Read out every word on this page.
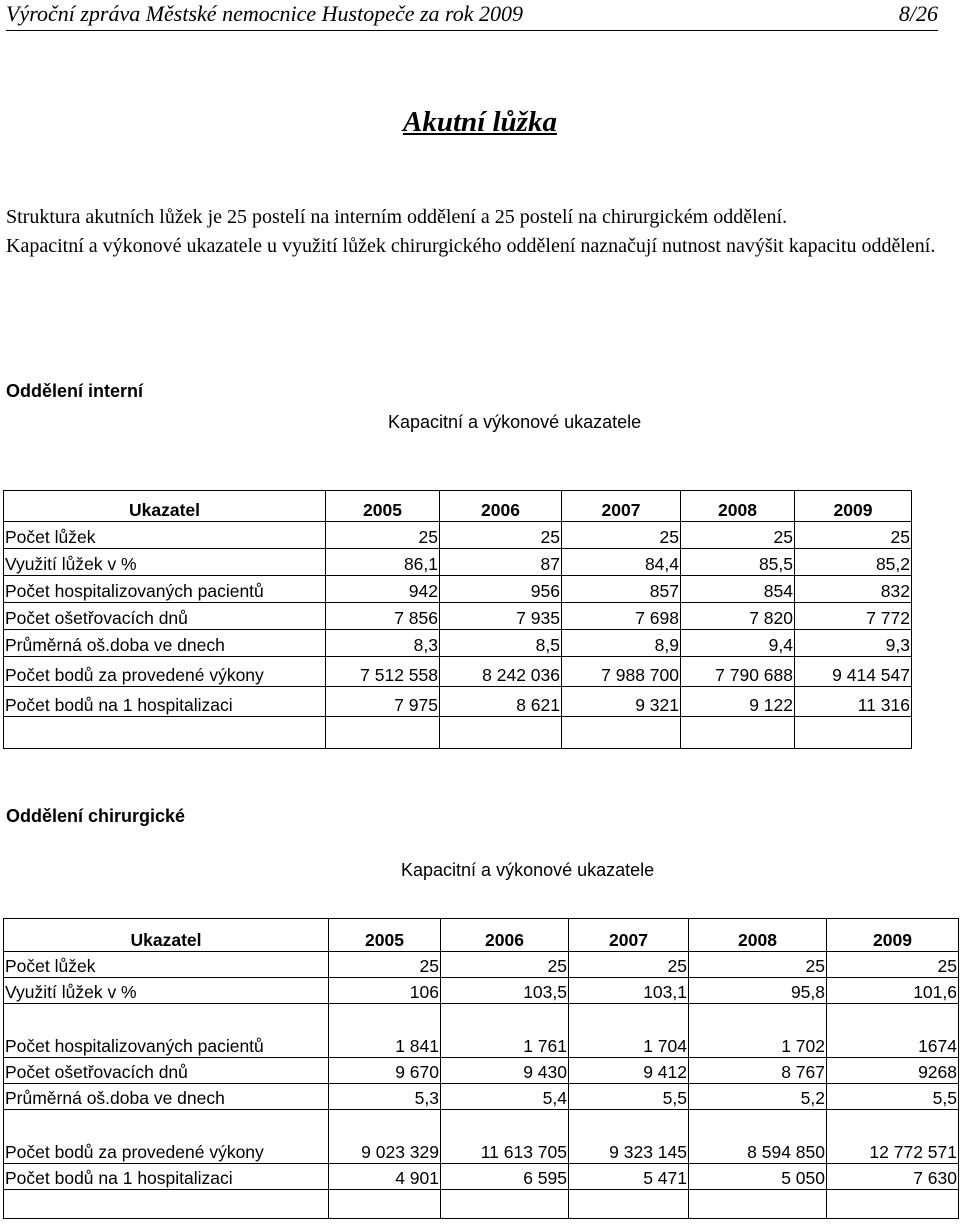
Výroční zpráva Městské nemocnice Hustopeče za rok 2009	8/26
Akutní lůžka

Struktura akutních lůžek je 25 postelí na interním oddělení a 25 postelí na chirurgickém oddělení.

Kapacitní a výkonové ukazatele u využití lůžek chirurgického oddělení naznačují nutnost navýšit kapacitu oddělení.

Oddělení interní
Kapacitní a výkonové ukazatele
Ukazatel	2005	2006	2007	2008	2009
Počet lůžek	25	25	25	25	25
Využití lůžek v %	86,1	87	84,4	85,5	85,2
Počet hospitalizovaných pacientů	942	956	857	854	832
Počet ošetřovacích dnů	7 856	7 935	7 698	7 820	7 772
Průměrná oš.doba ve dnech	8,3	8,5	8,9	9,4	9,3
Počet bodů za provedené výkony	7 512 558	8 242 036	7 988 700	7 790 688	9 414 547
Počet bodů na 1 hospitalizaci	7 975	8 621	9 321	9 122	11 316

Oddělení chirurgické
Kapacitní a výkonové ukazatele
Ukazatel	2005	2006	2007	2008	2009
Počet lůžek	25	25	25	25	25
Využití lůžek v %	106	103,5	103,1	95,8	101,6
Počet hospitalizovaných pacientů	1 841	1 761	1 704	1 702	1674
Počet ošetřovacích dnů	9 670	9 430	9 412	8 767	9268
Průměrná oš.doba ve dnech	5,3	5,4	5,5	5,2	5,5
Počet bodů za provedené výkony	9 023 329	11 613 705	9 323 145	8 594 850	12 772 571
Počet bodů na 1 hospitalizaci	4 901	6 595	5 471	5 050	7 630
